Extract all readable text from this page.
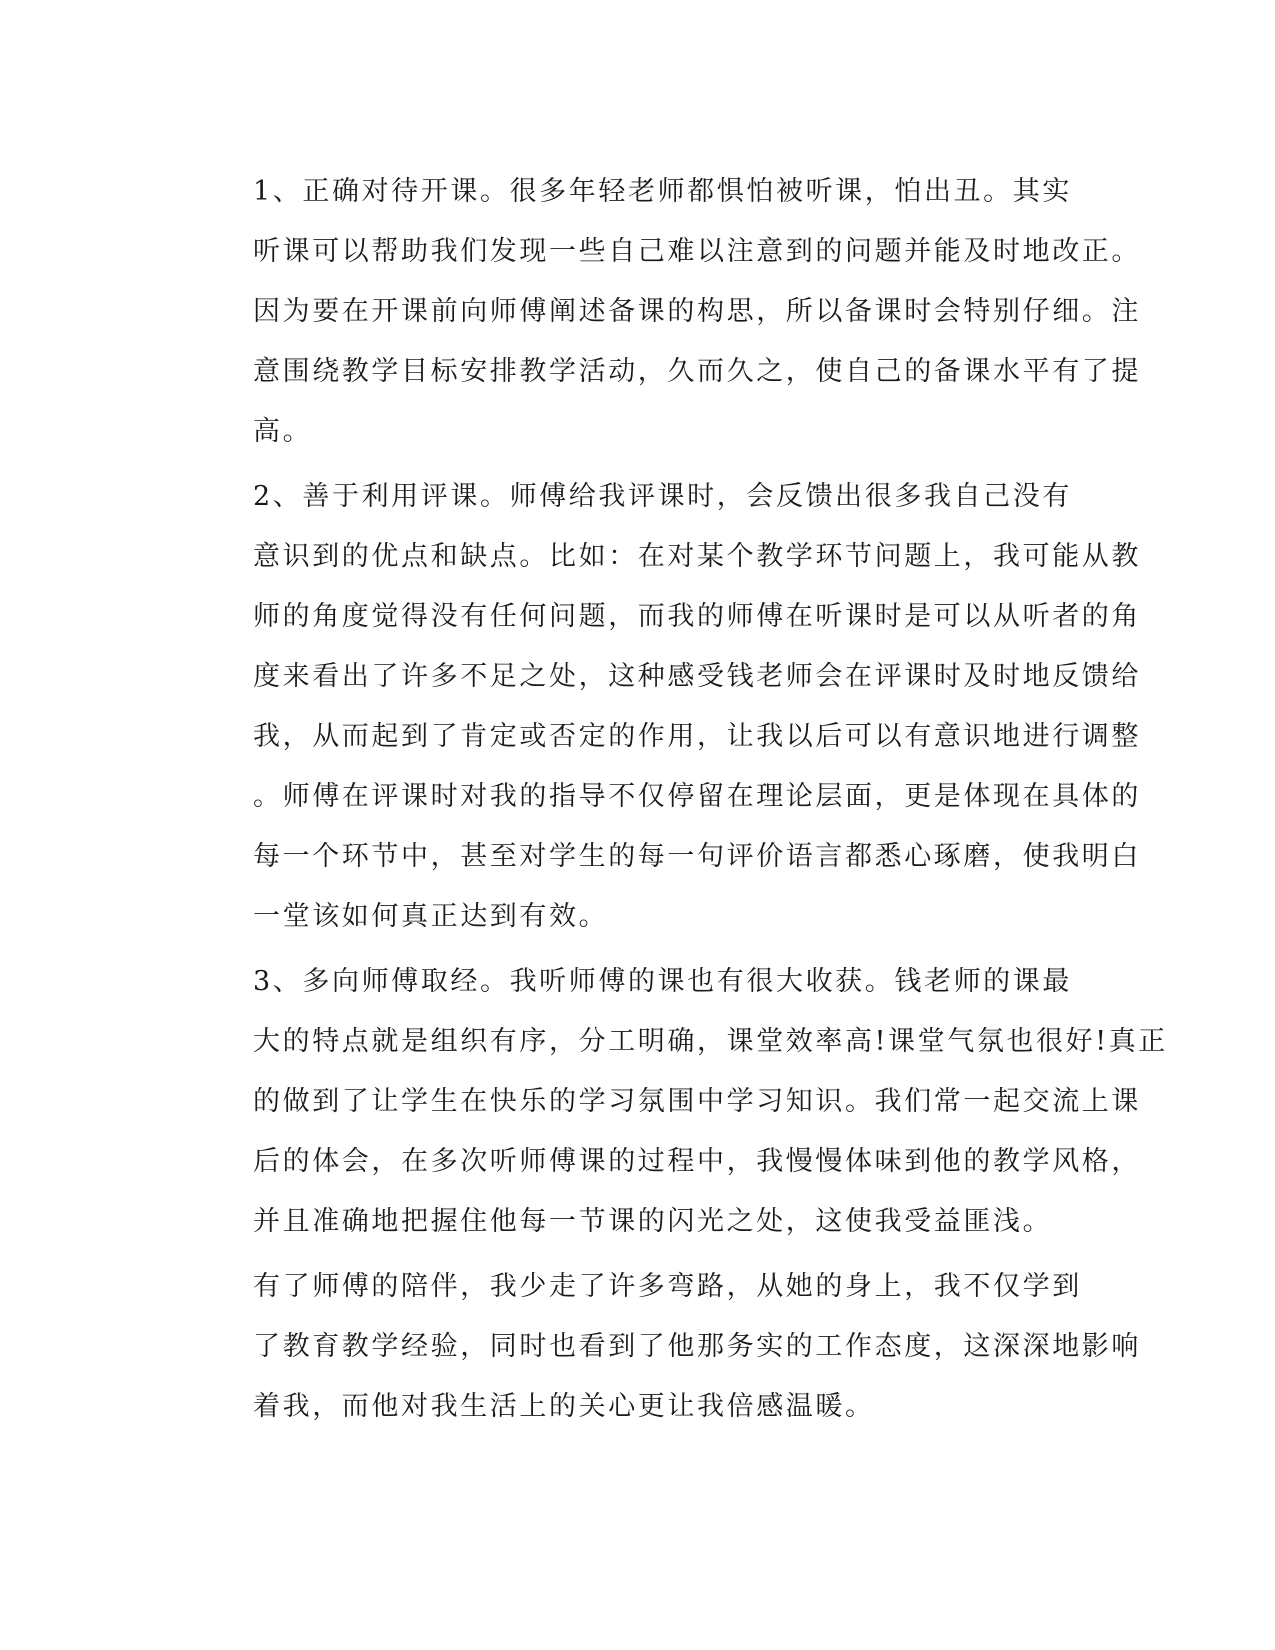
1、正确对待开课。很多年轻老师都惧怕被听课，怕出丑。其实
听课可以帮助我们发现一些自己难以注意到的问题并能及时地改正。
因为要在开课前向师傅阐述备课的构思，所以备课时会特别仔细。注
意围绕教学目标安排教学活动，久而久之，使自己的备课水平有了提
高。

2、善于利用评课。师傅给我评课时，会反馈出很多我自己没有
意识到的优点和缺点。比如：在对某个教学环节问题上，我可能从教
师的角度觉得没有任何问题，而我的师傅在听课时是可以从听者的角
度来看出了许多不足之处，这种感受钱老师会在评课时及时地反馈给
我，从而起到了肯定或否定的作用，让我以后可以有意识地进行调整
。师傅在评课时对我的指导不仅停留在理论层面，更是体现在具体的
每一个环节中，甚至对学生的每一句评价语言都悉心琢磨，使我明白
一堂该如何真正达到有效。

3、多向师傅取经。我听师傅的课也有很大收获。钱老师的课最
大的特点就是组织有序，分工明确，课堂效率高!课堂气氛也很好!真正
的做到了让学生在快乐的学习氛围中学习知识。我们常一起交流上课
后的体会，在多次听师傅课的过程中，我慢慢体味到他的教学风格，
并且准确地把握住他每一节课的闪光之处，这使我受益匪浅。

有了师傅的陪伴，我少走了许多弯路，从她的身上，我不仅学到
了教育教学经验，同时也看到了他那务实的工作态度，这深深地影响
着我，而他对我生活上的关心更让我倍感温暖。
